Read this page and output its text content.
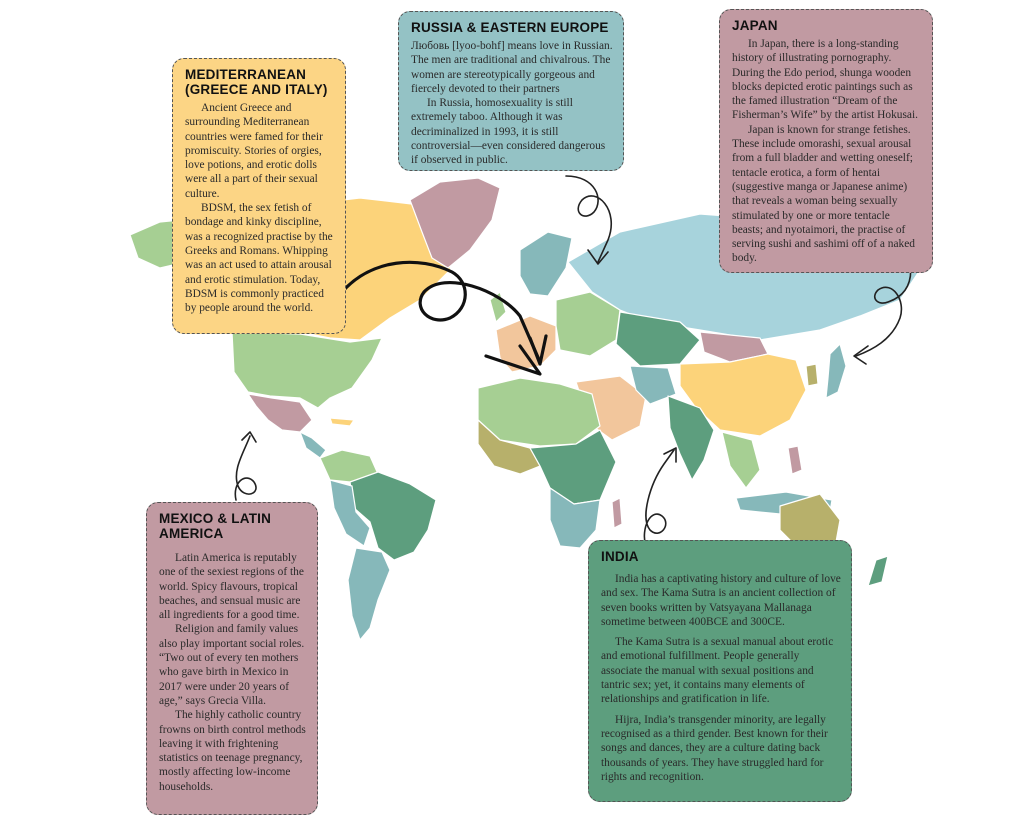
MEDITERRANEAN (GREECE AND ITALY)

Ancient Greece and surrounding Mediterranean countries were famed for their promiscuity. Stories of orgies, love potions, and erotic dolls were all a part of their sexual culture.

BDSM, the sex fetish of bondage and kinky discipline, was a recognized practise by the Greeks and Romans. Whipping was an act used to attain arousal and erotic stimulation. Today, BDSM is commonly practiced by people around the world.

RUSSIA & EASTERN EUROPE

Любовь [lyoo-bohf] means love in Russian. The men are traditional and chivalrous. The women are stereotypically gorgeous and fiercely devoted to their partners

In Russia, homosexuality is still extremely taboo. Although it was decriminalized in 1993, it is still controversial—even considered dangerous if observed in public.

JAPAN

In Japan, there is a long-standing history of illustrating pornography. During the Edo period, shunga wooden blocks depicted erotic paintings such as the famed illustration “Dream of the Fisherman’s Wife” by the artist Hokusai.

Japan is known for strange fetishes. These include omorashi, sexual arousal from a full bladder and wetting oneself; tentacle erotica, a form of hentai (suggestive manga or Japanese anime) that reveals a woman being sexually stimulated by one or more tentacle beasts; and nyotaimori, the practise of serving sushi and sashimi off of a naked body.

MEXICO & LATIN AMERICA

Latin America is reputably one of the sexiest regions of the world. Spicy flavours, tropical beaches, and sensual music are all ingredients for a good time.

Religion and family values also play important social roles. “Two out of every ten mothers who gave birth in Mexico in 2017 were under 20 years of age,” says Grecia Villa.

The highly catholic country frowns on birth control methods leaving it with frightening statistics on teenage pregnancy, mostly affecting low-income households.

INDIA

India has a captivating history and culture of love and sex. The Kama Sutra is an ancient collection of seven books written by Vatsyayana Mallanaga sometime between 400BCE and 300CE.

The Kama Sutra is a sexual manual about erotic and emotional fulfillment. People generally associate the manual with sexual positions and tantric sex; yet, it contains many elements of relationships and gratification in life.

Hijra, India’s transgender minority, are legally recognised as a third gender. Best known for their songs and dances, they are a culture dating back thousands of years. They have struggled hard for rights and recognition.
